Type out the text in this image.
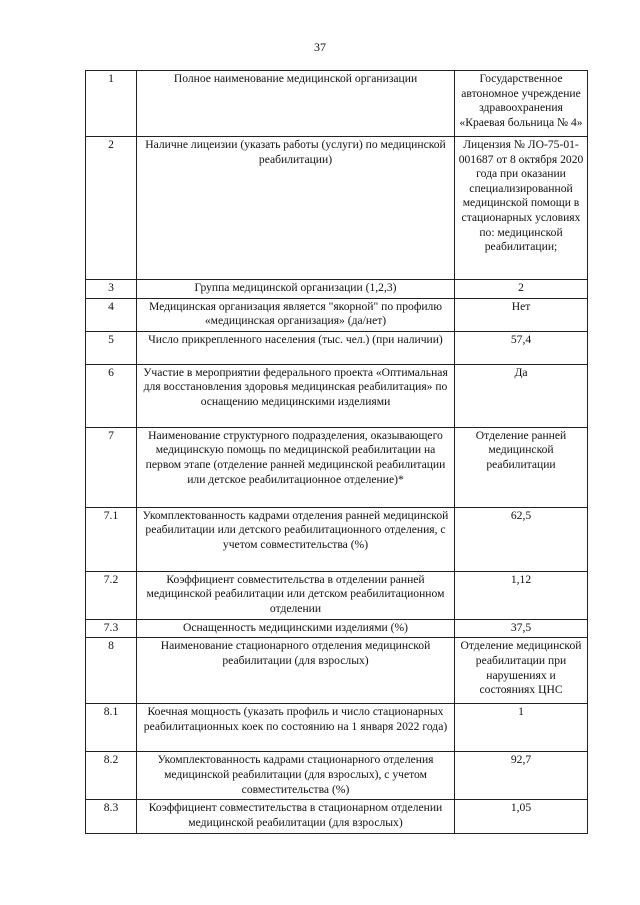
37
1	Полное наименование медицинской организации	Государственное автономное учреждение здравоохранения «Краевая больница № 4»
2	Наличне лицеизии (указать работы (услуги) по медицинской реабилитации)	Лицензия № ЛО-75-01-001687 от 8 октября 2020 года при оказании специализированной медицинской помощи в стационарных условиях по: медицинской реабилитации;
3	Группа медицинской организации (1,2,3)	2
4	Медицинская организация является "якорной" по профилю «медицинская организация» (да/нет)	Нет
5	Число прикрепленного населения (тыс. чел.) (при наличии)	57,4
6	Участие в мероприятии федерального проекта «Оптимальная для восстановления здоровья медицинская реабилитация» по оснащению медицинскими изделиями	Да
7	Наименование структурного подразделения, оказывающего медицинскую помощь по медицинской реабилитации на первом этапе (отделение ранней медицинской реабилитации или детское реабилитационное отделение)*	Отделение ранней медицинской реабилитации
7.1	Укомплектованность кадрами отделения ранней медицинской реабилитации или детского реабилитационного отделения, с учетом совместительства (%)	62,5
7.2	Коэффициент совместительства в отделении ранней медицинской реабилитации или детском реабилитационном отделении	1,12
7.3	Оснащенность медицинскими изделиями (%)	37,5
8	Наименование стационарного отделения медицинской реабилитации (для взрослых)	Отделение медицинской реабилитации при нарушениях и состояниях ЦНС
8.1	Коечная мощность (указать профиль и число стационарных реабилитационных коек по состоянию на 1 января 2022 года)	1
8.2	Укомплектованность кадрами стационарного отделения медицинской реабилитации (для взрослых), с учетом совместительства (%)	92,7
8.3	Коэффициент совместительства в стационарном отделении медицинской реабилитации (для взрослых)	1,05
